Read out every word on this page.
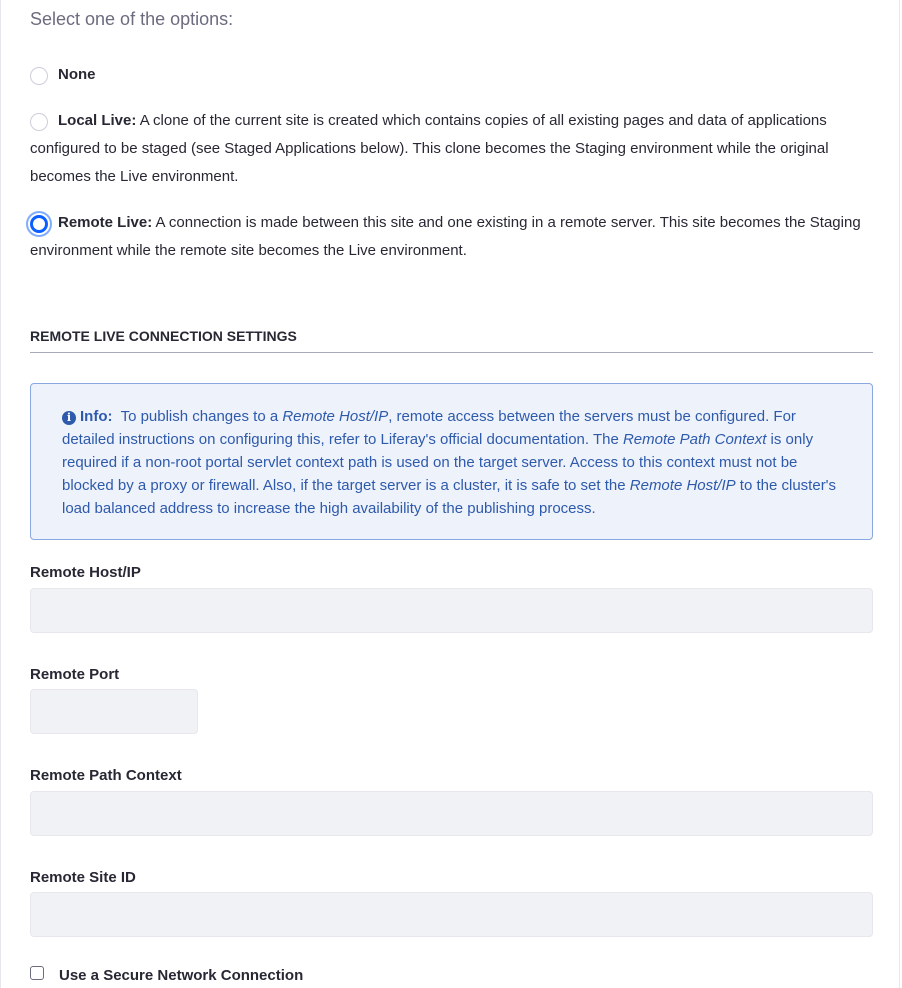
Select one of the options:
None
Local Live: A clone of the current site is created which contains copies of all existing pages and data of applications configured to be staged (see Staged Applications below). This clone becomes the Staging environment while the original becomes the Live environment.
Remote Live: A connection is made between this site and one existing in a remote server. This site becomes the Staging environment while the remote site becomes the Live environment.
REMOTE LIVE CONNECTION SETTINGS
i Info: To publish changes to a Remote Host/IP, remote access between the servers must be configured. For detailed instructions on configuring this, refer to Liferay's official documentation. The Remote Path Context is only required if a non-root portal servlet context path is used on the target server. Access to this context must not be blocked by a proxy or firewall. Also, if the target server is a cluster, it is safe to set the Remote Host/IP to the cluster's load balanced address to increase the high availability of the publishing process.
Remote Host/IP
Remote Port
Remote Path Context
Remote Site ID
Use a Secure Network Connection
